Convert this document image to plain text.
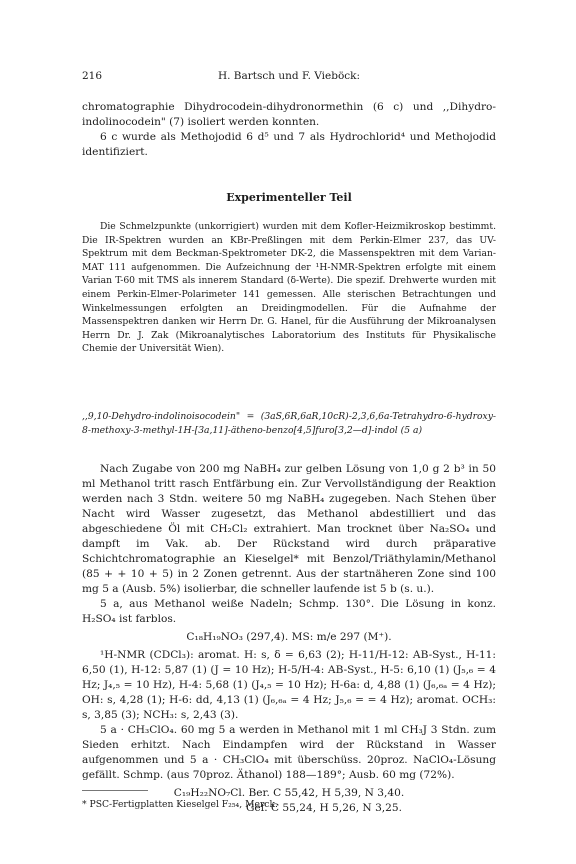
216	H. Bartsch und F. Vieböck:

chromatographie Dihydrocodein-dihydronormethin (6 c) und ,,Dihydro-indolinocodein" (7) isoliert werden konnten.

6 c wurde als Methojodid 6 d⁵ und 7 als Hydrochlorid⁴ und Methojodid identifiziert.

Experimenteller Teil

Die Schmelzpunkte (unkorrigiert) wurden mit dem Kofler-Heizmikroskop bestimmt. Die IR-Spektren wurden an KBr-Preßlingen mit dem Perkin-Elmer 237, das UV-Spektrum mit dem Beckman-Spektrometer DK-2, die Massenspektren mit dem Varian-MAT 111 aufgenommen. Die Aufzeichnung der ¹H-NMR-Spektren erfolgte mit einem Varian T-60 mit TMS als innerem Standard (δ-Werte). Die spezif. Drehwerte wurden mit einem Perkin-Elmer-Polarimeter 141 gemessen. Alle sterischen Betrachtungen und Winkelmessungen erfolgten an Dreidingmodellen. Für die Aufnahme der Massenspektren danken wir Herrn Dr. G. Hanel, für die Ausführung der Mikroanalysen Herrn Dr. J. Zak (Mikroanalytisches Laboratorium des Instituts für Physikalische Chemie der Universität Wien).

,,9,10-Dehydro-indolinoisocodein" = (3aS,6R,6aR,10cR)-2,3,6,6a-Tetrahydro-6-hydroxy-8-methoxy-3-methyl-1H-[3a,11]-ätheno-benzo[4,5]furo[3,2—d]-indol (5 a)

Nach Zugabe von 200 mg NaBH₄ zur gelben Lösung von 1,0 g 2 b³ in 50 ml Methanol tritt rasch Entfärbung ein. Zur Vervollständigung der Reaktion werden nach 3 Stdn. weitere 50 mg NaBH₄ zugegeben. Nach Stehen über Nacht wird Wasser zugesetzt, das Methanol abdestilliert und das abgeschiedene Öl mit CH₂Cl₂ extrahiert. Man trocknet über Na₂SO₄ und dampft im Vak. ab. Der Rückstand wird durch präparative Schichtchromatographie an Kieselgel* mit Benzol/Triäthylamin/Methanol (85 + + 10 + 5) in 2 Zonen getrennt. Aus der startnäheren Zone sind 100 mg 5 a (Ausb. 5%) isolierbar, die schneller laufende ist 5 b (s. u.).

5 a, aus Methanol weiße Nadeln; Schmp. 130°. Die Lösung in konz. H₂SO₄ ist farblos.

C₁₈H₁₉NO₃ (297,4). MS: m/e 297 (M⁺).

¹H-NMR (CDCl₃): aromat. H: s, δ = 6,63 (2); H-11/H-12: AB-Syst., H-11: 6,50 (1), H-12: 5,87 (1) (J = 10 Hz); H-5/H-4: AB-Syst., H-5: 6,10 (1) (J₅,₆ = 4 Hz; J₄,₅ = 10 Hz), H-4: 5,68 (1) (J₄,₅ = 10 Hz); H-6a: d, 4,88 (1) (J₆,₆ₐ = 4 Hz); OH: s, 4,28 (1); H-6: dd, 4,13 (1) (J₆,₆ₐ = 4 Hz; J₅,₆ = = 4 Hz); aromat. OCH₃: s, 3,85 (3); NCH₃: s, 2,43 (3).

5 a · CH₃ClO₄. 60 mg 5 a werden in Methanol mit 1 ml CH₃J 3 Stdn. zum Sieden erhitzt. Nach Eindampfen wird der Rückstand in Wasser aufgenommen und 5 a · CH₃ClO₄ mit überschüss. 20proz. NaClO₄-Lösung gefällt. Schmp. (aus 70proz. Äthanol) 188—189°; Ausb. 60 mg (72%).

C₁₉H₂₂NO₇Cl. Ber. C 55,42, H 5,39, N 3,40.

Gef. C 55,24, H 5,26, N 3,25.

* PSC-Fertigplatten Kieselgel F₂₅₄, Merck.
